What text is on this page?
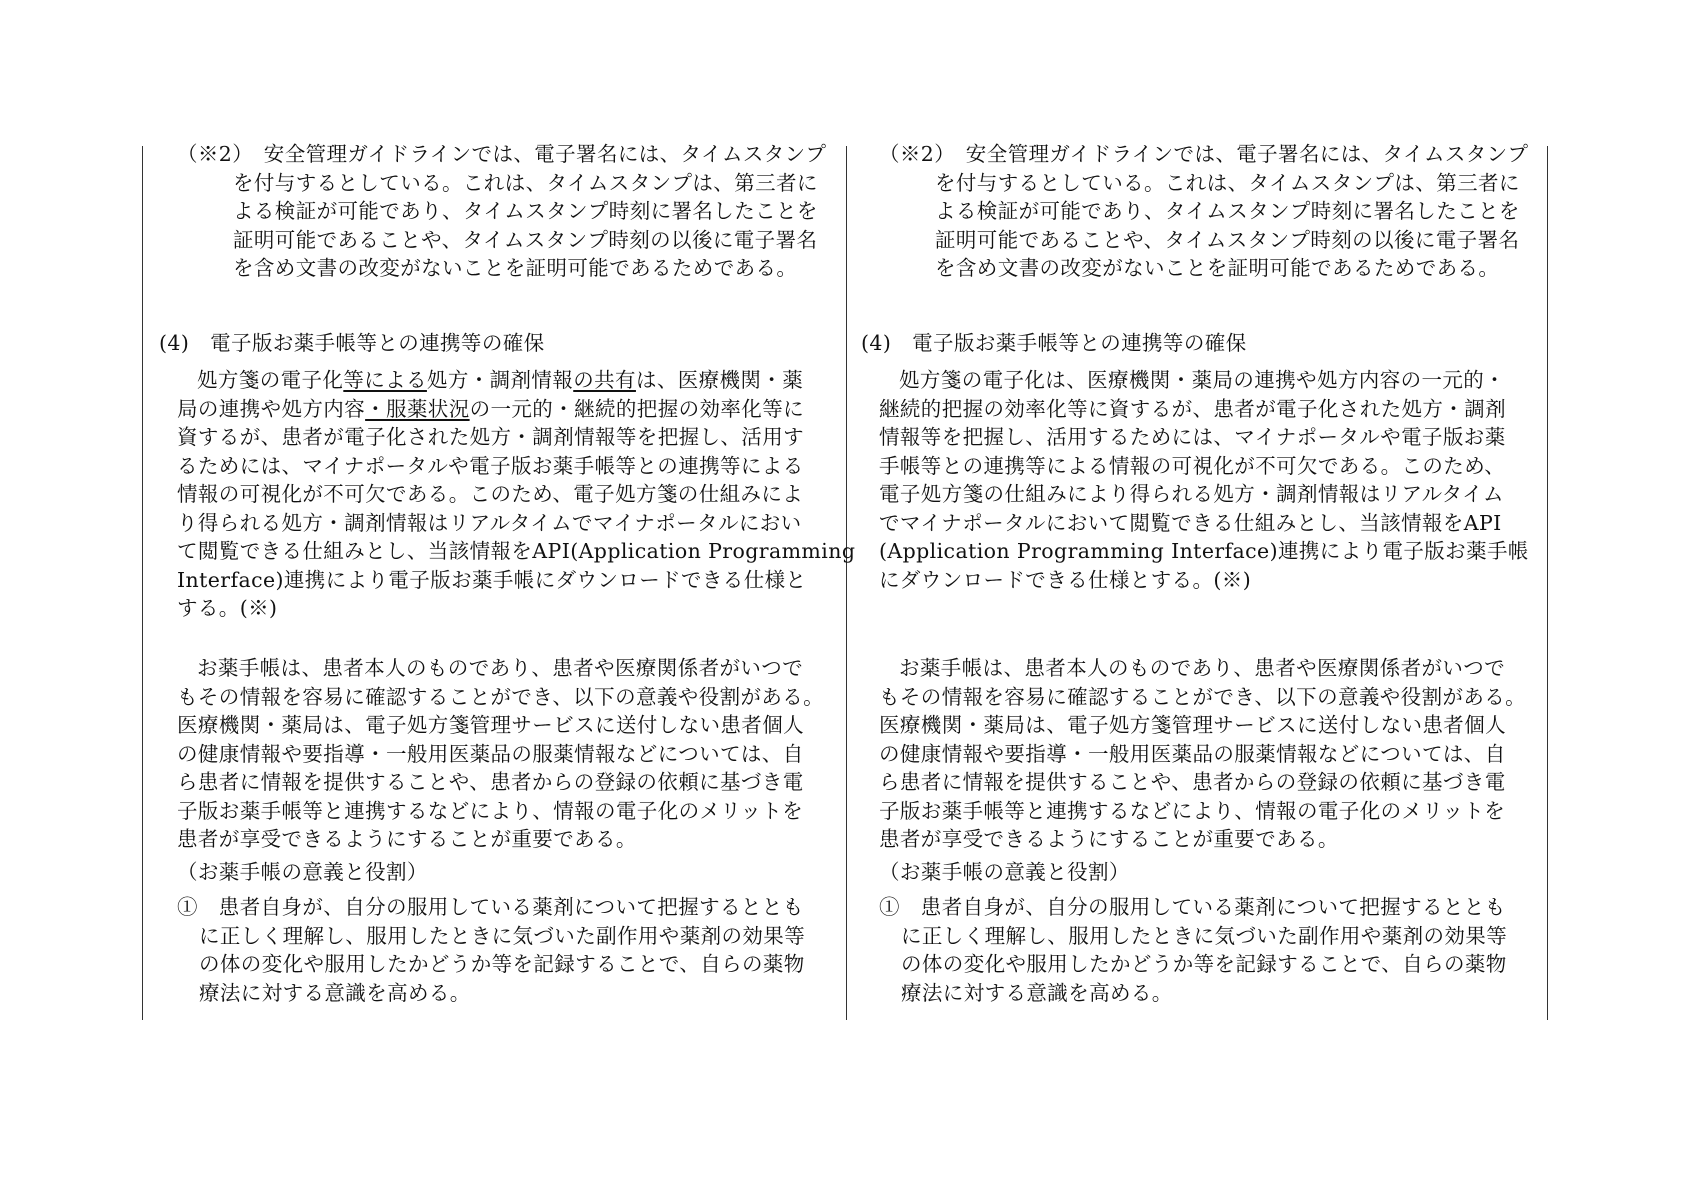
（※2）　安全管理ガイドラインでは、電子署名には、タイムスタンプ

を付与するとしている。これは、タイムスタンプは、第三者に

よる検証が可能であり、タイムスタンプ時刻に署名したことを

証明可能であることや、タイムスタンプ時刻の以後に電子署名

を含め文書の改変がないことを証明可能であるためである。

(4)　電子版お薬手帳等との連携等の確保

処方箋の電子化等による処方・調剤情報の共有は、医療機関・薬

局の連携や処方内容・服薬状況の一元的・継続的把握の効率化等に

資するが、患者が電子化された処方・調剤情報等を把握し、活用す

るためには、マイナポータルや電子版お薬手帳等との連携等による

情報の可視化が不可欠である。このため、電子処方箋の仕組みによ

り得られる処方・調剤情報はリアルタイムでマイナポータルにおい

て閲覧できる仕組みとし、当該情報をAPI(Application Programming

Interface)連携により電子版お薬手帳にダウンロードできる仕様と

する。(※)

お薬手帳は、患者本人のものであり、患者や医療関係者がいつで

もその情報を容易に確認することができ、以下の意義や役割がある。

医療機関・薬局は、電子処方箋管理サービスに送付しない患者個人

の健康情報や要指導・一般用医薬品の服薬情報などについては、自

ら患者に情報を提供することや、患者からの登録の依頼に基づき電

子版お薬手帳等と連携するなどにより、情報の電子化のメリットを

患者が享受できるようにすることが重要である。

（お薬手帳の意義と役割）

①　患者自身が、自分の服用している薬剤について把握するととも

に正しく理解し、服用したときに気づいた副作用や薬剤の効果等

の体の変化や服用したかどうか等を記録することで、自らの薬物

療法に対する意識を高める。

（※2）　安全管理ガイドラインでは、電子署名には、タイムスタンプ

を付与するとしている。これは、タイムスタンプは、第三者に

よる検証が可能であり、タイムスタンプ時刻に署名したことを

証明可能であることや、タイムスタンプ時刻の以後に電子署名

を含め文書の改変がないことを証明可能であるためである。

(4)　電子版お薬手帳等との連携等の確保

処方箋の電子化は、医療機関・薬局の連携や処方内容の一元的・

継続的把握の効率化等に資するが、患者が電子化された処方・調剤

情報等を把握し、活用するためには、マイナポータルや電子版お薬

手帳等との連携等による情報の可視化が不可欠である。このため、

電子処方箋の仕組みにより得られる処方・調剤情報はリアルタイム

でマイナポータルにおいて閲覧できる仕組みとし、当該情報をAPI

(Application Programming Interface)連携により電子版お薬手帳

にダウンロードできる仕様とする。(※)

お薬手帳は、患者本人のものであり、患者や医療関係者がいつで

もその情報を容易に確認することができ、以下の意義や役割がある。

医療機関・薬局は、電子処方箋管理サービスに送付しない患者個人

の健康情報や要指導・一般用医薬品の服薬情報などについては、自

ら患者に情報を提供することや、患者からの登録の依頼に基づき電

子版お薬手帳等と連携するなどにより、情報の電子化のメリットを

患者が享受できるようにすることが重要である。

（お薬手帳の意義と役割）

①　患者自身が、自分の服用している薬剤について把握するととも

に正しく理解し、服用したときに気づいた副作用や薬剤の効果等

の体の変化や服用したかどうか等を記録することで、自らの薬物

療法に対する意識を高める。
